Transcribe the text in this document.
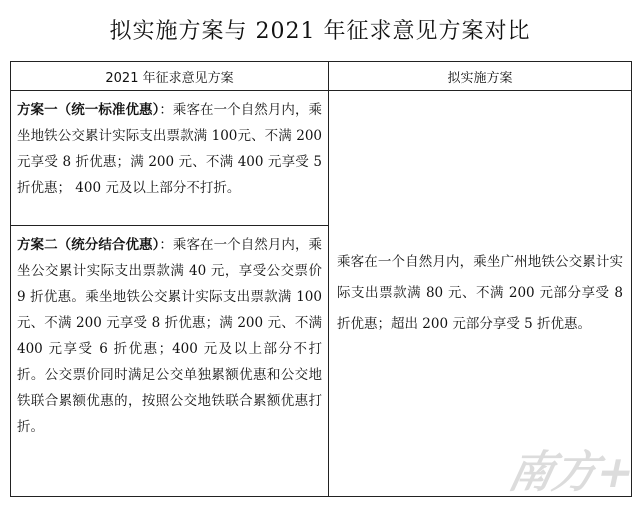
拟实施方案与 2021 年征求意见方案对比
2021 年征求意见方案	拟实施方案

方案一（统一标准优惠）：乘客在一个自然月内，乘坐地铁公交累计实际支出票款满 100元、不满 200 元享受 8 折优惠；满 200 元、不满 400 元享受 5 折优惠； 400 元及以上部分不打折。	乘客在一个自然月内，乘坐广州地铁公交累计实际支出票款满 80 元、不满 200 元部分享受 8 折优惠；超出 200 元部分享受 5 折优惠。

方案二（统分结合优惠）：乘客在一个自然月内，乘坐公交累计实际支出票款满 40 元，享受公交票价 9 折优惠。乘坐地铁公交累计实际支出票款满 100 元、不满 200 元享受 8 折优惠；满 200 元、不满 400 元享受 6 折优惠；400 元及以上部分不打折。公交票价同时满足公交单独累额优惠和公交地铁联合累额优惠的，按照公交地铁联合累额优惠打折。	
南方+
